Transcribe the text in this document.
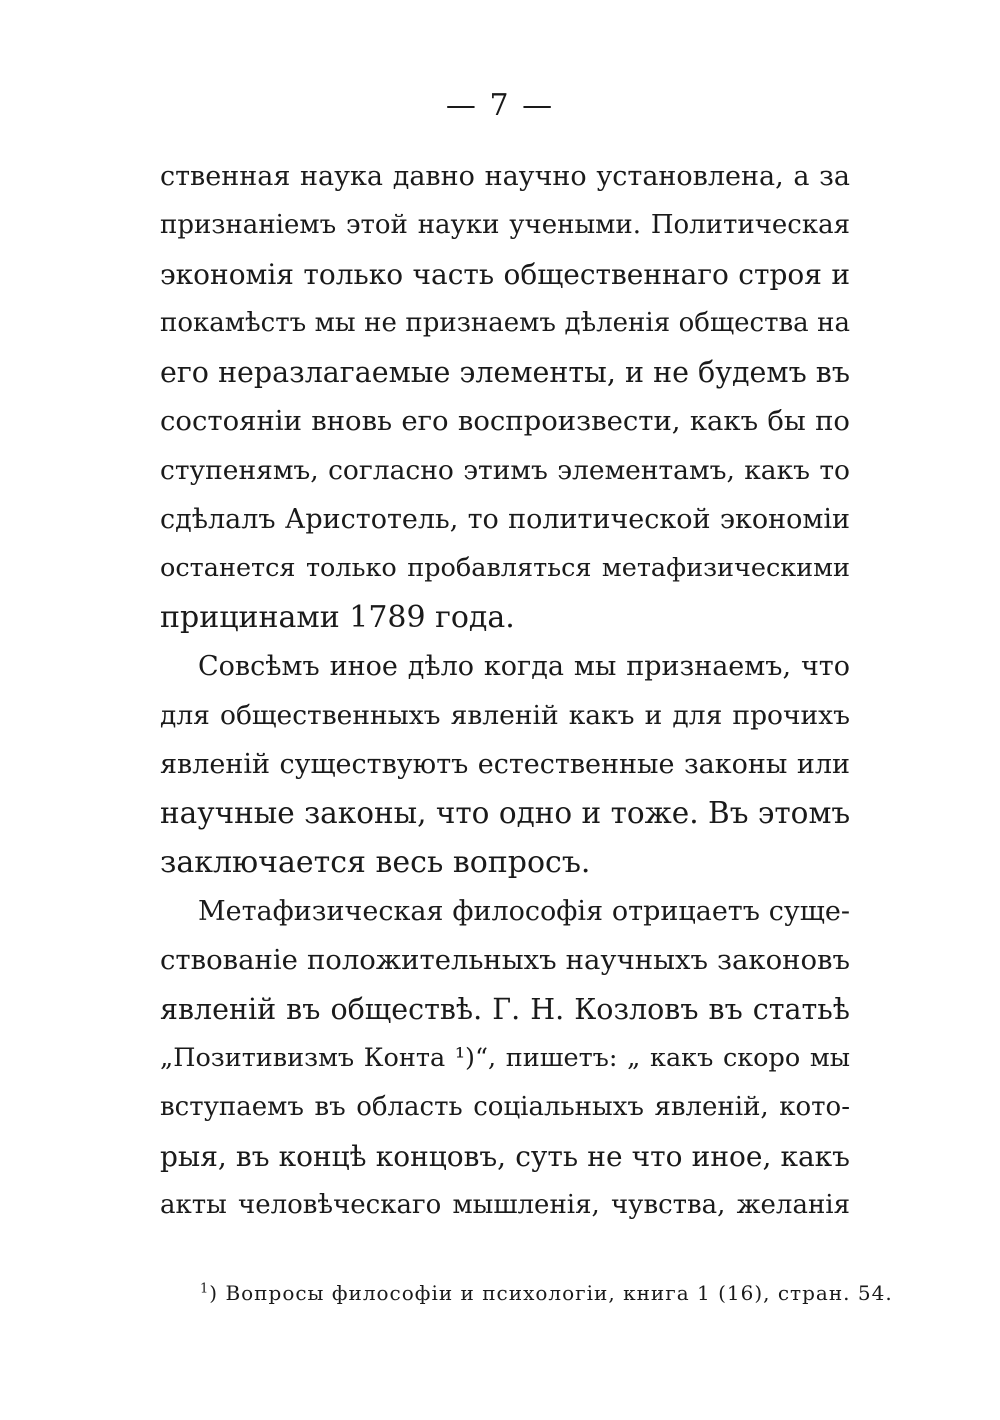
— 7 —
ственная наука давно научно установлена, а за
признаніемъ этой науки учеными. Политическая
экономія только часть общественнаго строя и
покамѣстъ мы не признаемъ дѣленія общества на
его неразлагаемые элементы, и не будемъ въ
состояніи вновь его воспроизвести, какъ бы по
ступенямъ, согласно этимъ элементамъ, какъ то
сдѣлалъ Аристотель, то политической экономіи
останется только пробавляться метафизическими
прицинами 1789 года.
Совсѣмъ иное дѣло когда мы признаемъ, что
для общественныхъ явленій какъ и для прочихъ
явленій существуютъ естественные законы или
научные законы, что одно и тоже. Въ этомъ
заключается весь вопросъ.
Метафизическая философія отрицаетъ суще-
ствованіе положительныхъ научныхъ законовъ
явленій въ обществѣ. Г. Н. Козловъ въ статьѣ
„Позитивизмъ Конта ¹)“, пишетъ: „ какъ скоро мы
вступаемъ въ область соціальныхъ явленій, кото-
рыя, въ концѣ концовъ, суть не что иное, какъ
акты человѣческаго мышленія, чувства, желанія
$^1$) Вопросы философіи и психологіи, книга 1 (16), стран. 54.
